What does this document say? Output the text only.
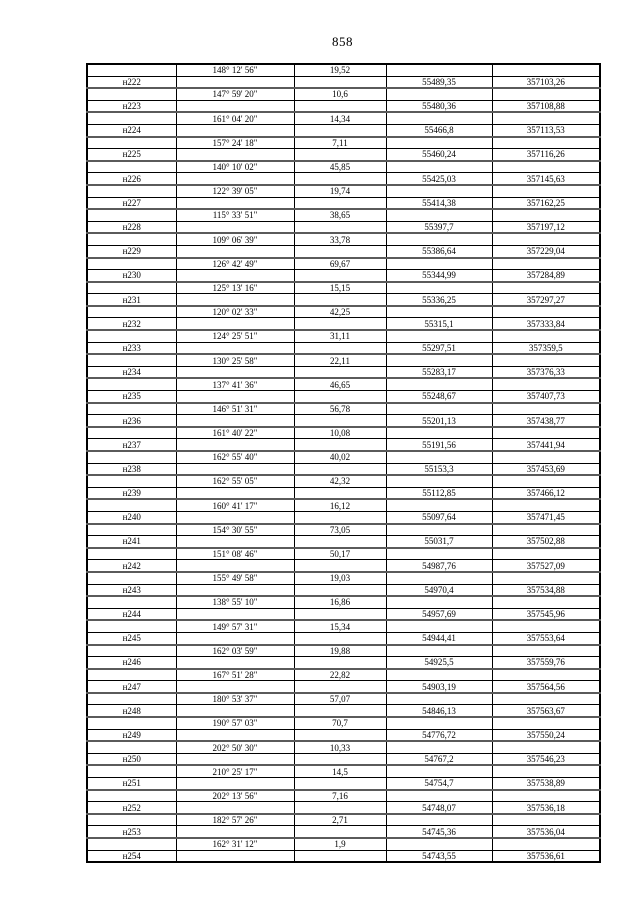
858
	148° 12' 56"	19,52		
н222			55489,35	357103,26
	147° 59' 20"	10,6		
н223			55480,36	357108,88
	161° 04' 20"	14,34		
н224			55466,8	357113,53
	157° 24' 18"	7,11		
н225			55460,24	357116,26
	140° 10' 02"	45,85		
н226			55425,03	357145,63
	122° 39' 05"	19,74		
н227			55414,38	357162,25
	115° 33' 51"	38,65		
н228			55397,7	357197,12
	109° 06' 39"	33,78		
н229			55386,64	357229,04
	126° 42' 49"	69,67		
н230			55344,99	357284,89
	125° 13' 16"	15,15		
н231			55336,25	357297,27
	120° 02' 33"	42,25		
н232			55315,1	357333,84
	124° 25' 51"	31,11		
н233			55297,51	357359,5
	130° 25' 58"	22,11		
н234			55283,17	357376,33
	137° 41' 36"	46,65		
н235			55248,67	357407,73
	146° 51' 31"	56,78		
н236			55201,13	357438,77
	161° 40' 22"	10,08		
н237			55191,56	357441,94
	162° 55' 40"	40,02		
н238			55153,3	357453,69
	162° 55' 05"	42,32		
н239			55112,85	357466,12
	160° 41' 17"	16,12		
н240			55097,64	357471,45
	154° 30' 55"	73,05		
н241			55031,7	357502,88
	151° 08' 46"	50,17		
н242			54987,76	357527,09
	155° 49' 58"	19,03		
н243			54970,4	357534,88
	138° 55' 10"	16,86		
н244			54957,69	357545,96
	149° 57' 31"	15,34		
н245			54944,41	357553,64
	162° 03' 59"	19,88		
н246			54925,5	357559,76
	167° 51' 28"	22,82		
н247			54903,19	357564,56
	180° 53' 37"	57,07		
н248			54846,13	357563,67
	190° 57' 03"	70,7		
н249			54776,72	357550,24
	202° 50' 30"	10,33		
н250			54767,2	357546,23
	210° 25' 17"	14,5		
н251			54754,7	357538,89
	202° 13' 56"	7,16		
н252			54748,07	357536,18
	182° 57' 26"	2,71		
н253			54745,36	357536,04
	162° 31' 12"	1,9		
н254			54743,55	357536,61
